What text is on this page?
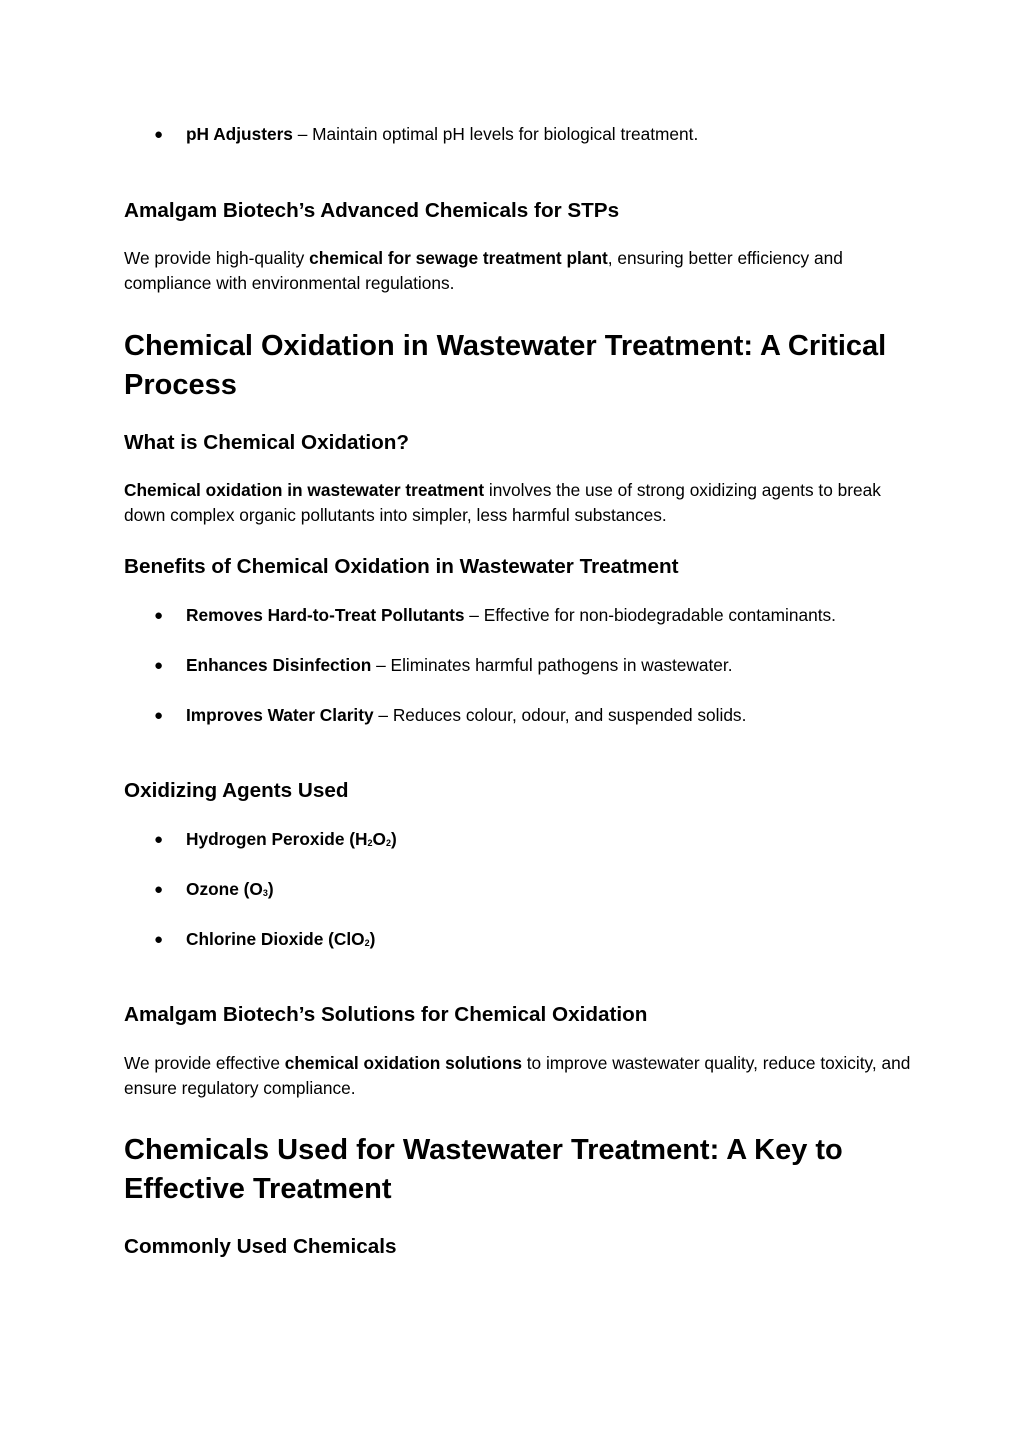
● pH Adjusters – Maintain optimal pH levels for biological treatment.
Amalgam Biotech’s Advanced Chemicals for STPs

We provide high-quality chemical for sewage treatment plant, ensuring better efficiency and compliance with environmental regulations.

Chemical Oxidation in Wastewater Treatment: A Critical Process
What is Chemical Oxidation?

Chemical oxidation in wastewater treatment involves the use of strong oxidizing agents to break down complex organic pollutants into simpler, less harmful substances.

Benefits of Chemical Oxidation in Wastewater Treatment
● Removes Hard-to-Treat Pollutants – Effective for non-biodegradable contaminants.
● Enhances Disinfection – Eliminates harmful pathogens in wastewater.
● Improves Water Clarity – Reduces colour, odour, and suspended solids.
Oxidizing Agents Used
● Hydrogen Peroxide $(H_2O_2)$
● Ozone $(O_3)$
● Chlorine Dioxide (ClO$_2$)
Amalgam Biotech’s Solutions for Chemical Oxidation

We provide effective chemical oxidation solutions to improve wastewater quality, reduce toxicity, and ensure regulatory compliance.

Chemicals Used for Wastewater Treatment: A Key to Effective Treatment
Commonly Used Chemicals
